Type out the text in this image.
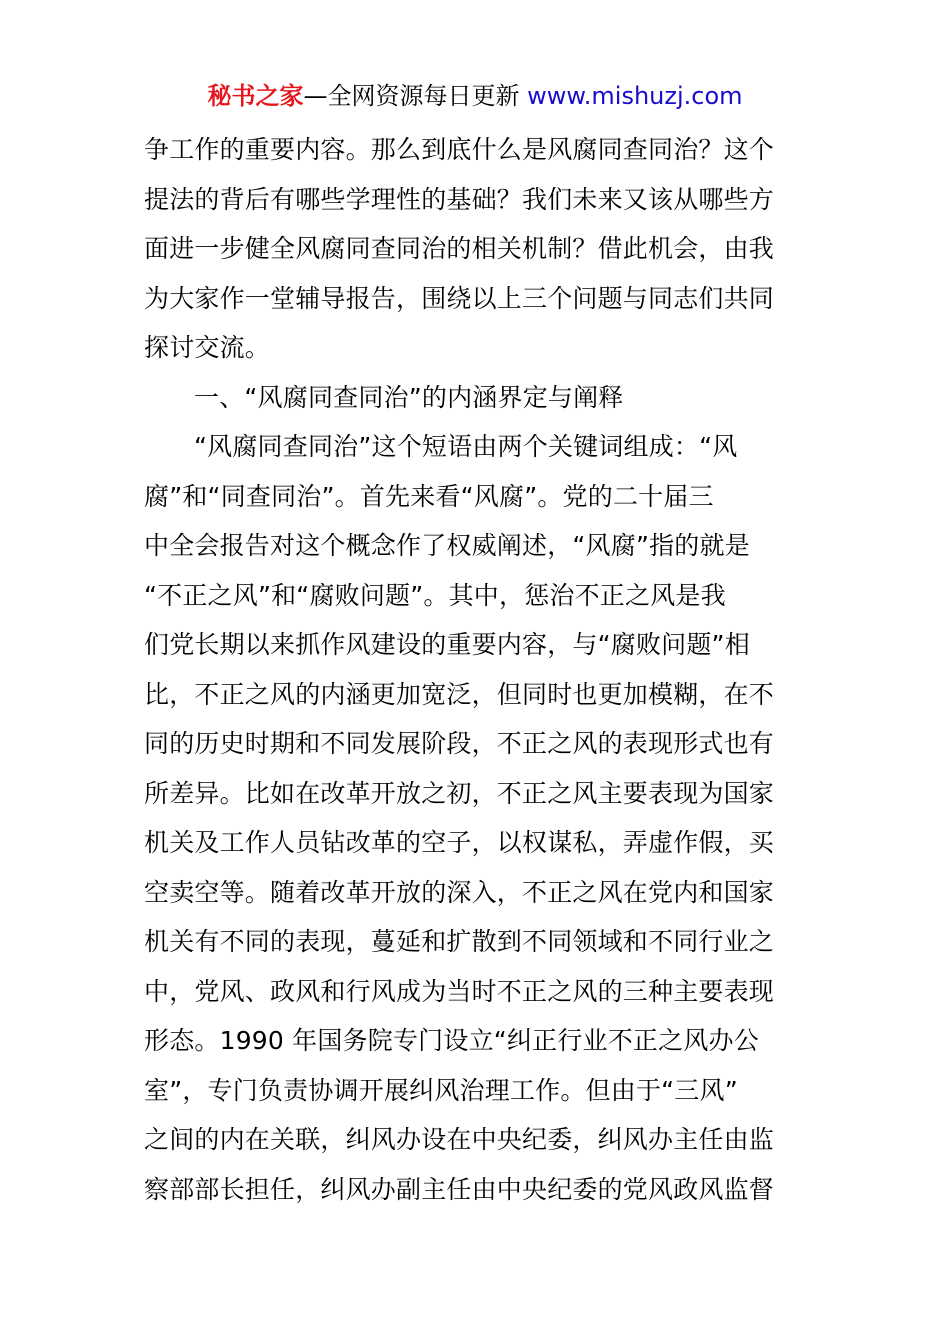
秘书之家—全网资源每日更新 www.mishuzj.com
争工作的重要内容。那么到底什么是风腐同查同治？这个
提法的背后有哪些学理性的基础？我们未来又该从哪些方
面进一步健全风腐同查同治的相关机制？借此机会，由我
为大家作一堂辅导报告，围绕以上三个问题与同志们共同
探讨交流。
一、“风腐同查同治”的内涵界定与阐释
“风腐同查同治”这个短语由两个关键词组成：“风
腐”和“同查同治”。首先来看“风腐”。党的二十届三
中全会报告对这个概念作了权威阐述，“风腐”指的就是
“不正之风”和“腐败问题”。其中，惩治不正之风是我
们党长期以来抓作风建设的重要内容，与“腐败问题”相
比，不正之风的内涵更加宽泛，但同时也更加模糊，在不
同的历史时期和不同发展阶段，不正之风的表现形式也有
所差异。比如在改革开放之初，不正之风主要表现为国家
机关及工作人员钻改革的空子，以权谋私，弄虚作假，买
空卖空等。随着改革开放的深入，不正之风在党内和国家
机关有不同的表现，蔓延和扩散到不同领域和不同行业之
中，党风、政风和行风成为当时不正之风的三种主要表现
形态。1990 年国务院专门设立“纠正行业不正之风办公
室”，专门负责协调开展纠风治理工作。但由于“三风”
之间的内在关联，纠风办设在中央纪委，纠风办主任由监
察部部长担任，纠风办副主任由中央纪委的党风政风监督
